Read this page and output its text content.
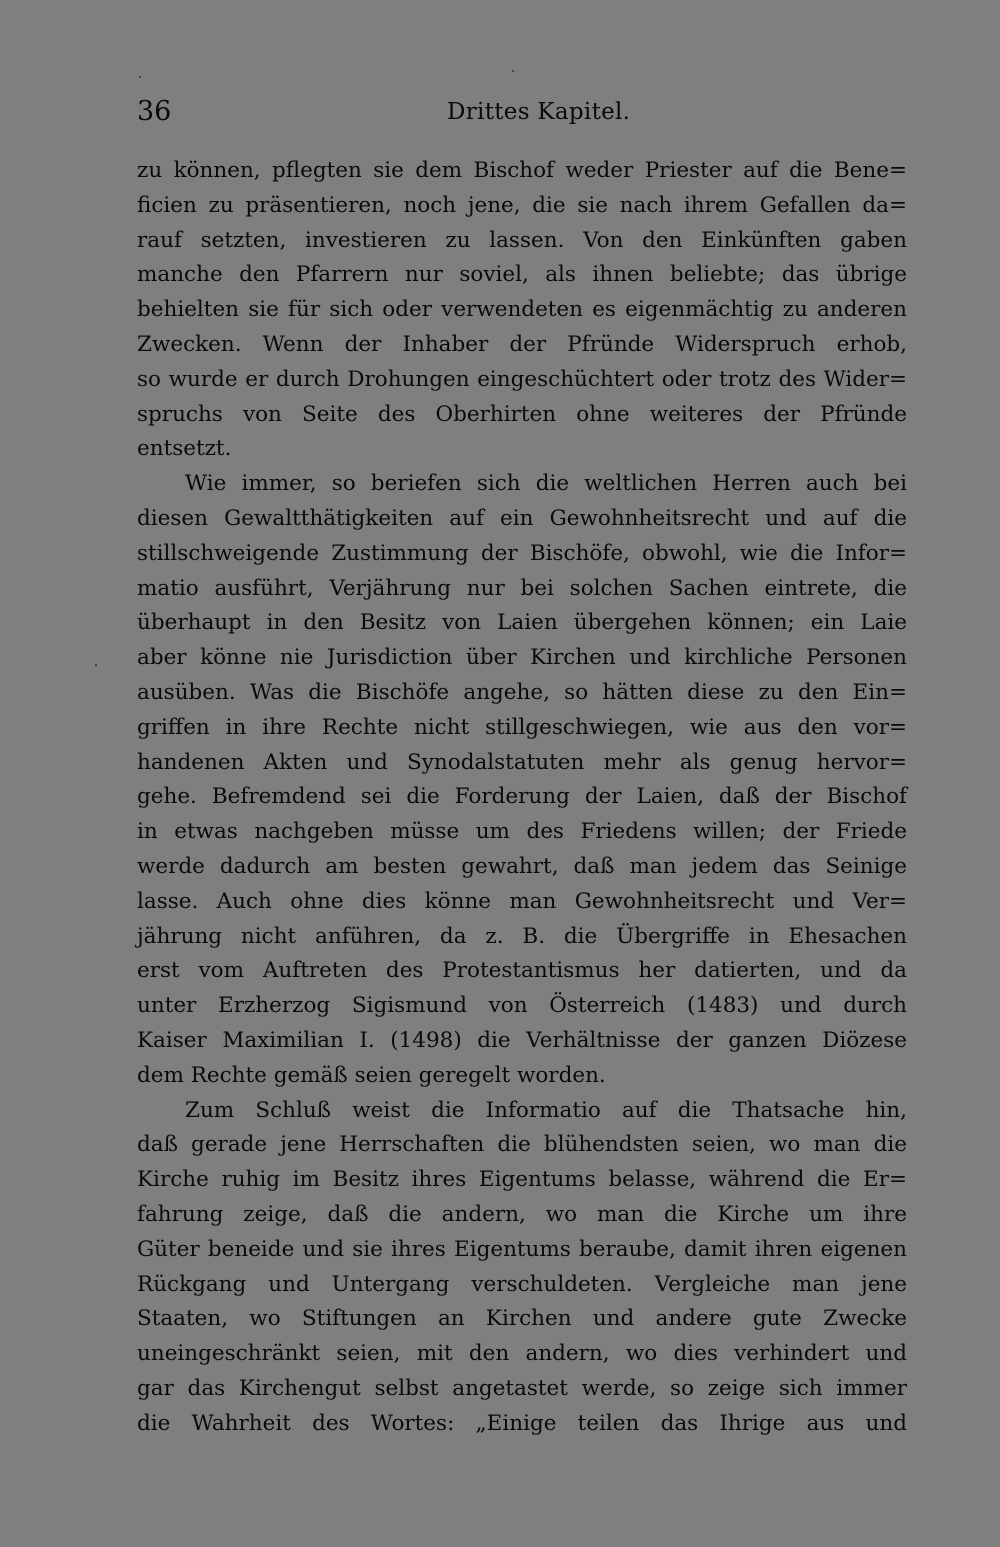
36	Drittes Kapitel.
zu können, pflegten sie dem Bischof weder Priester auf die Bene=
ficien zu präsentieren, noch jene, die sie nach ihrem Gefallen da=
rauf setzten, investieren zu lassen. Von den Einkünften gaben
manche den Pfarrern nur soviel, als ihnen beliebte; das übrige
behielten sie für sich oder verwendeten es eigenmächtig zu anderen
Zwecken. Wenn der Inhaber der Pfründe Widerspruch erhob,
so wurde er durch Drohungen eingeschüchtert oder trotz des Wider=
spruchs von Seite des Oberhirten ohne weiteres der Pfründe
entsetzt.
Wie immer, so beriefen sich die weltlichen Herren auch bei
diesen Gewaltthätigkeiten auf ein Gewohnheitsrecht und auf die
stillschweigende Zustimmung der Bischöfe, obwohl, wie die Infor=
matio ausführt, Verjährung nur bei solchen Sachen eintrete, die
überhaupt in den Besitz von Laien übergehen können; ein Laie
aber könne nie Jurisdiction über Kirchen und kirchliche Personen
ausüben. Was die Bischöfe angehe, so hätten diese zu den Ein=
griffen in ihre Rechte nicht stillgeschwiegen, wie aus den vor=
handenen Akten und Synodalstatuten mehr als genug hervor=
gehe. Befremdend sei die Forderung der Laien, daß der Bischof
in etwas nachgeben müsse um des Friedens willen; der Friede
werde dadurch am besten gewahrt, daß man jedem das Seinige
lasse. Auch ohne dies könne man Gewohnheitsrecht und Ver=
jährung nicht anführen, da z. B. die Übergriffe in Ehesachen
erst vom Auftreten des Protestantismus her datierten, und da
unter Erzherzog Sigismund von Österreich (1483) und durch
Kaiser Maximilian I. (1498) die Verhältnisse der ganzen Diözese
dem Rechte gemäß seien geregelt worden.
Zum Schluß weist die Informatio auf die Thatsache hin,
daß gerade jene Herrschaften die blühendsten seien, wo man die
Kirche ruhig im Besitz ihres Eigentums belasse, während die Er=
fahrung zeige, daß die andern, wo man die Kirche um ihre
Güter beneide und sie ihres Eigentums beraube, damit ihren eigenen
Rückgang und Untergang verschuldeten. Vergleiche man jene
Staaten, wo Stiftungen an Kirchen und andere gute Zwecke
uneingeschränkt seien, mit den andern, wo dies verhindert und
gar das Kirchengut selbst angetastet werde, so zeige sich immer
die Wahrheit des Wortes: „Einige teilen das Ihrige aus und
